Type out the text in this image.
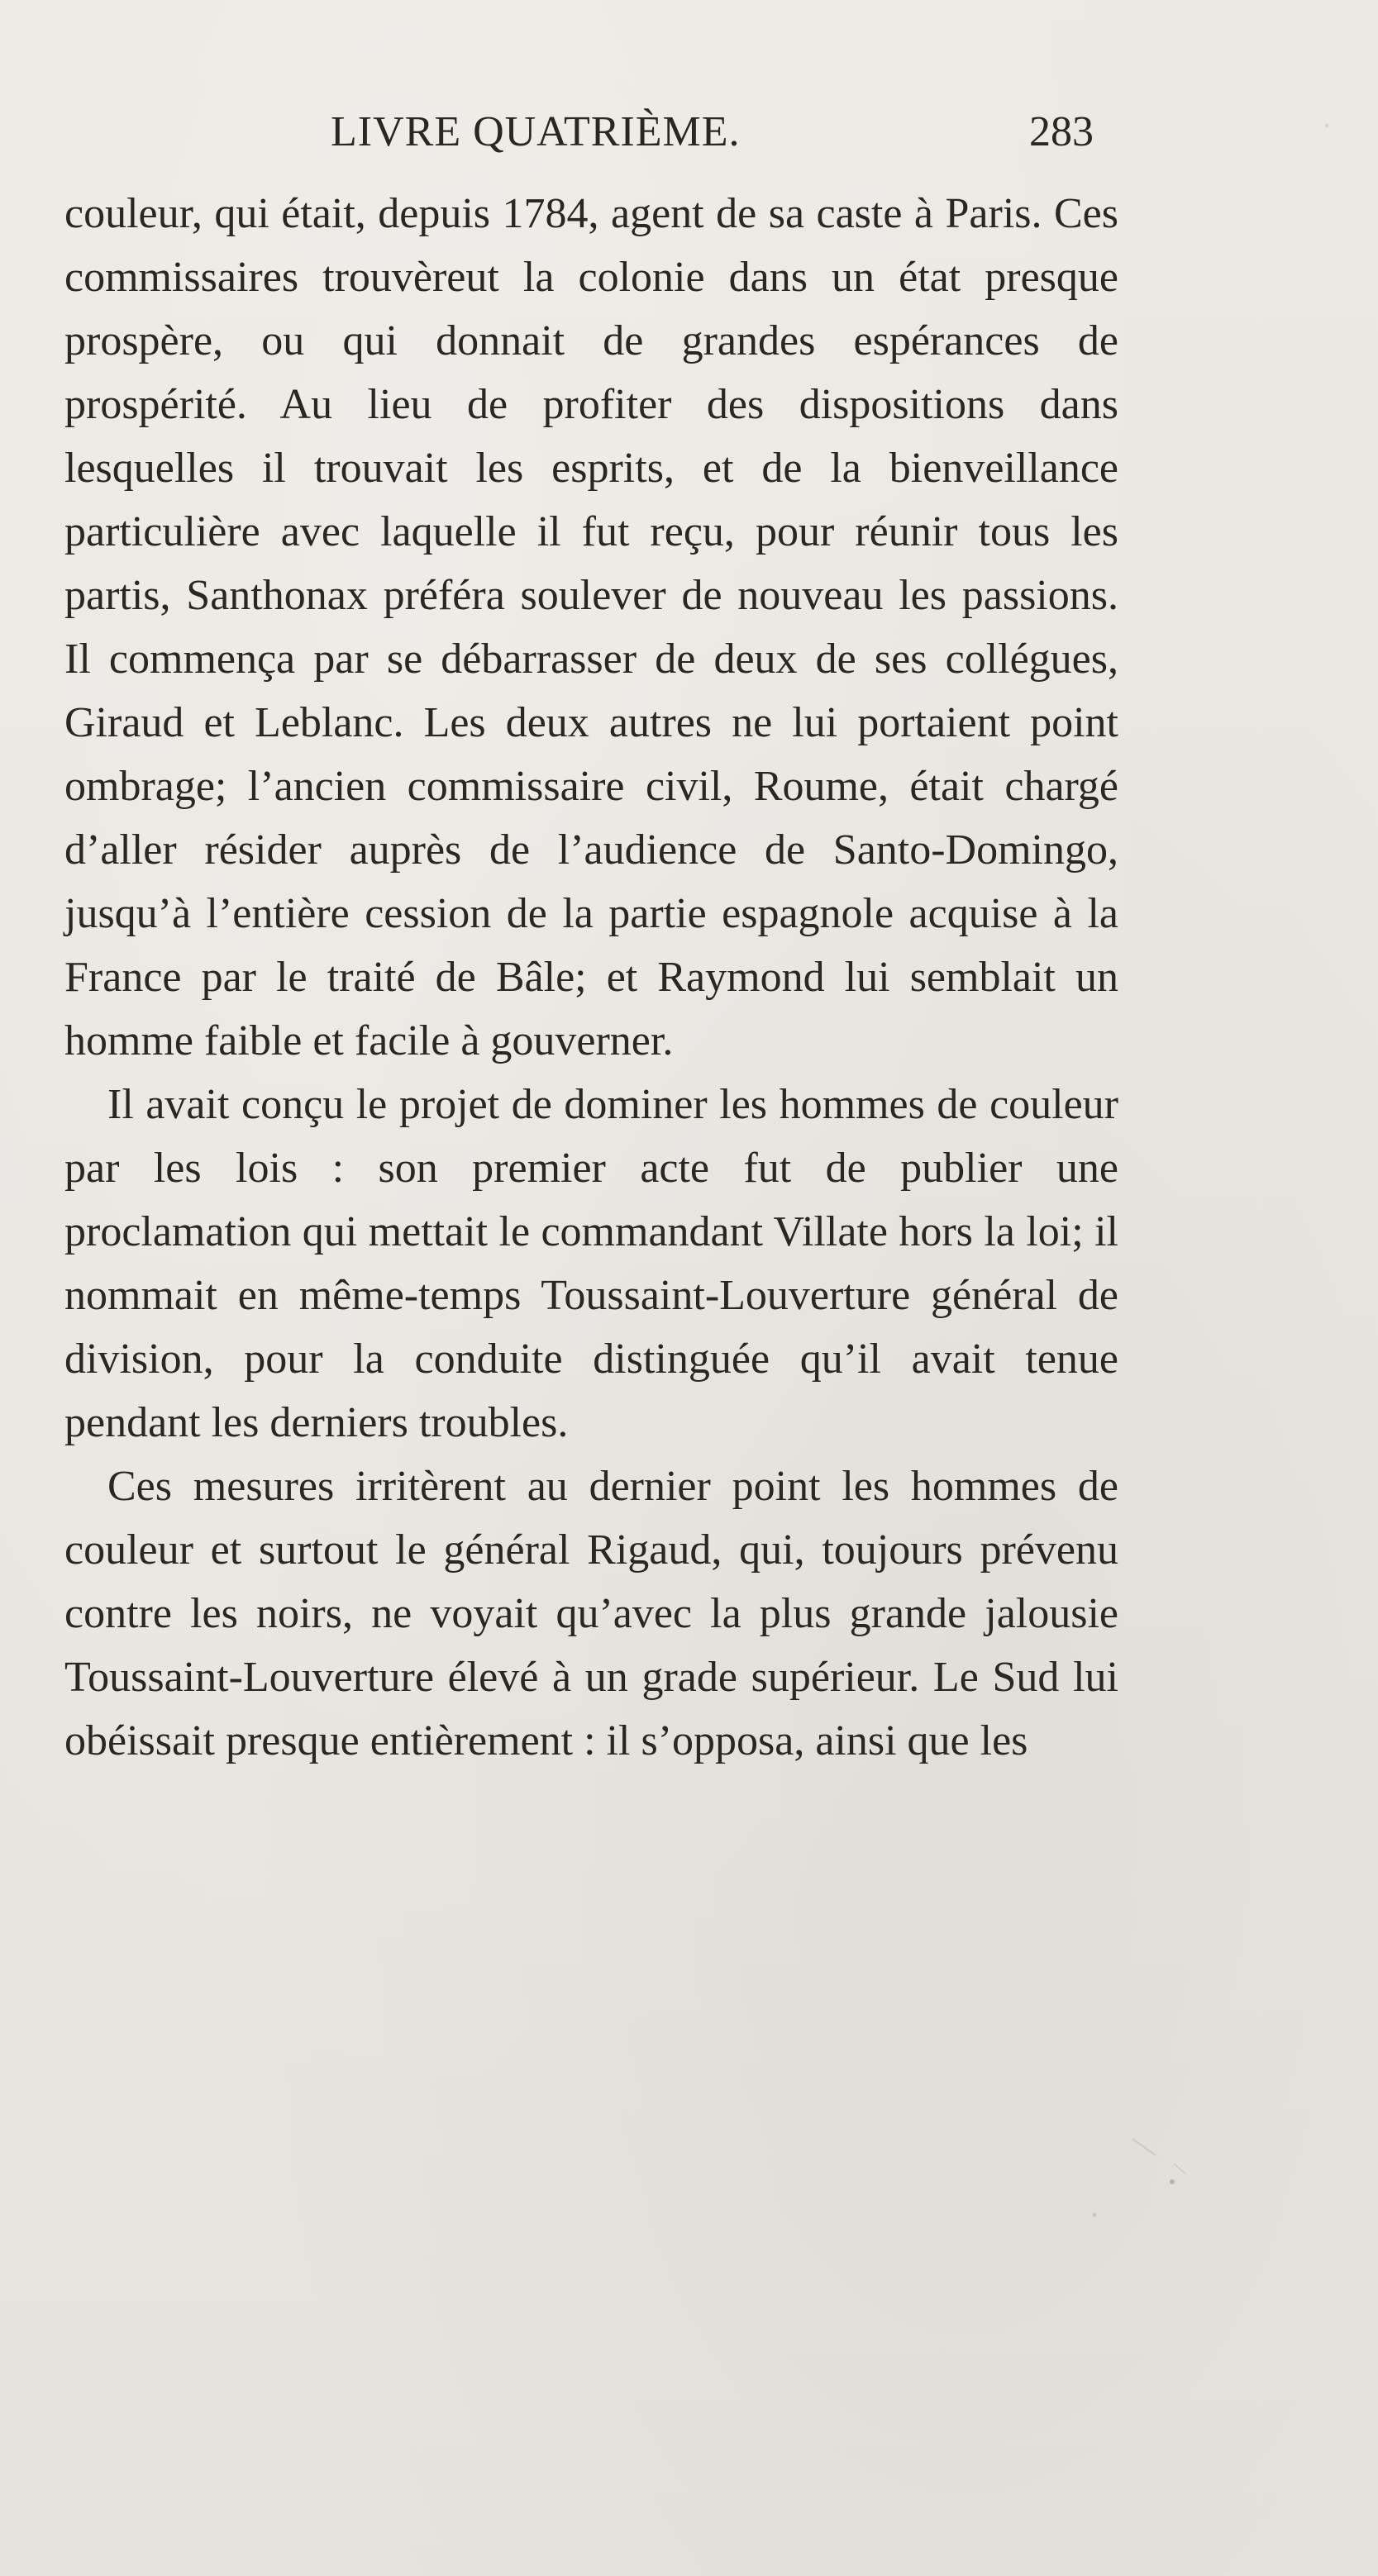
LIVRE QUATRIÈME.	283

couleur, qui était, depuis 1784, agent de sa caste à Paris. Ces commissaires trouvèreut la colonie dans un état presque prospère, ou qui donnait de grandes espérances de prospérité. Au lieu de profiter des dispositions dans lesquelles il trouvait les esprits, et de la bienveillance particulière avec laquelle il fut reçu, pour réunir tous les partis, Santhonax préféra soulever de nouveau les passions. Il commença par se débarrasser de deux de ses collégues, Giraud et Leblanc. Les deux autres ne lui portaient point ombrage; l’ancien commissaire civil, Roume, était chargé d’aller résider auprès de l’audience de Santo-Domingo, jusqu’à l’entière cession de la partie espagnole acquise à la France par le traité de Bâle; et Raymond lui semblait un homme faible et facile à gouverner.

Il avait conçu le projet de dominer les hommes de couleur par les lois : son premier acte fut de publier une proclamation qui mettait le commandant Villate hors la loi; il nommait en même-temps Toussaint-Louverture général de division, pour la conduite distinguée qu’il avait tenue pendant les derniers troubles.

Ces mesures irritèrent au dernier point les hommes de couleur et surtout le général Rigaud, qui, toujours prévenu contre les noirs, ne voyait qu’avec la plus grande jalousie Toussaint-Louverture élevé à un grade supérieur. Le Sud lui obéissait presque entièrement : il s’opposa, ainsi que les
